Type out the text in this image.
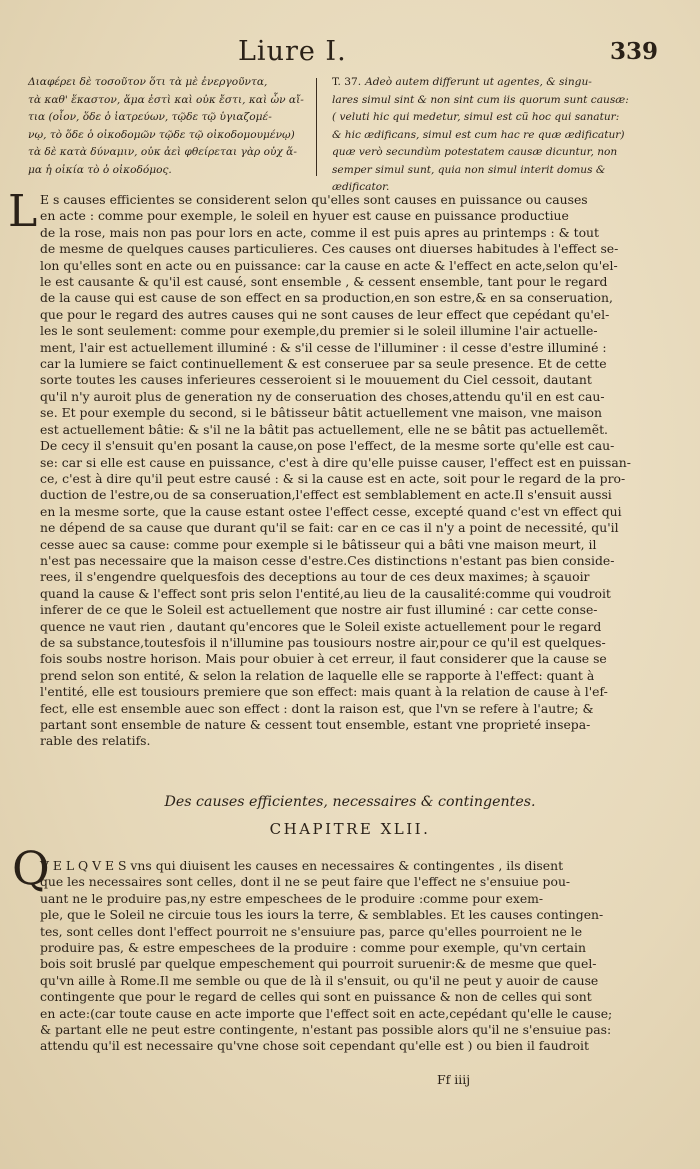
Liure I.	339
Διαφέρει δὲ τοσοῦτον ὅτι τὰ μὲ ἐνεργοῦντα,
τὰ καθ' ἕκαστον, ἅμα ἐστὶ καὶ οὐκ ἔστι, καὶ ὧν αἴ-
τια (οἷον, ὅδε ὁ ἰατρεύων, τῷδε τῷ ὑγιαζομέ-
νῳ, τὸ ὅδε ὁ οἰκοδομῶν τῷδε τῷ οἰκοδομουμένῳ)
τὰ δὲ κατὰ δύναμιν, οὐκ ἀεὶ φθείρεται γὰρ οὐχ ἅ-
μα ἡ οἰκία τὸ ὁ οἰκοδόμος.
T. 37. Adeò autem differunt ut agentes, & singu-
lares simul sint & non sint cum iis quorum sunt causæ:
( veluti hic qui medetur, simul est cũ hoc qui sanatur:
& hic ædificans, simul est cum hac re quæ ædificatur)
quæ verò secundùm potestatem causæ dicuntur, non
semper simul sunt, quia non simul interit domus &
ædificator.
L E s causes efficientes se considerent selon qu'elles sont causes en puissance ou causes
en acte : comme pour exemple, le soleil en hyuer est cause en puissance productiue
de la rose, mais non pas pour lors en acte, comme il est puis apres au printemps : & tout
de mesme de quelques causes particulieres. Ces causes ont diuerses habitudes à l'effect se-
lon qu'elles sont en acte ou en puissance: car la cause en acte & l'effect en acte,selon qu'el-
le est causante & qu'il est causé, sont ensemble , & cessent ensemble, tant pour le regard
de la cause qui est cause de son effect en sa production,en son estre,& en sa conseruation,
que pour le regard des autres causes qui ne sont causes de leur effect que cepédant qu'el-
les le sont seulement: comme pour exemple,du premier si le soleil illumine l'air actuelle-
ment, l'air est actuellement illuminé : & s'il cesse de l'illuminer : il cesse d'estre illuminé :
car la lumiere se faict continuellement & est conseruee par sa seule presence. Et de cette
sorte toutes les causes inferieures cesseroient si le mouuement du Ciel cessoit, dautant
qu'il n'y auroit plus de generation ny de conseruation des choses,attendu qu'il en est cau-
se. Et pour exemple du second, si le bâtisseur bâtit actuellement vne maison, vne maison
est actuellement bâtie: & s'il ne la bâtit pas actuellement, elle ne se bâtit pas actuellemẽt.
De cecy il s'ensuit qu'en posant la cause,on pose l'effect, de la mesme sorte qu'elle est cau-
se: car si elle est cause en puissance, c'est à dire qu'elle puisse causer, l'effect est en puissan-
ce, c'est à dire qu'il peut estre causé : & si la cause est en acte, soit pour le regard de la pro-
duction de l'estre,ou de sa conseruation,l'effect est semblablement en acte.Il s'ensuit aussi
en la mesme sorte, que la cause estant ostee l'effect cesse, excepté quand c'est vn effect qui
ne dépend de sa cause que durant qu'il se fait: car en ce cas il n'y a point de necessité, qu'il
cesse auec sa cause: comme pour exemple si le bâtisseur qui a bâti vne maison meurt, il
n'est pas necessaire que la maison cesse d'estre.Ces distinctions n'estant pas bien conside-
rees, il s'engendre quelquesfois des deceptions au tour de ces deux maximes; à sçauoir
quand la cause & l'effect sont pris selon l'entité,au lieu de la causalité:comme qui voudroit
inferer de ce que le Soleil est actuellement que nostre air fust illuminé : car cette conse-
quence ne vaut rien , dautant qu'encores que le Soleil existe actuellement pour le regard
de sa substance,toutesfois il n'illumine pas tousiours nostre air,pour ce qu'il est quelques-
fois soubs nostre horison. Mais pour obuier à cet erreur, il faut considerer que la cause se
prend selon son entité, & selon la relation de laquelle elle se rapporte à l'effect: quant à
l'entité, elle est tousiours premiere que son effect: mais quant à la relation de cause à l'ef-
fect, elle est ensemble auec son effect : dont la raison est, que l'vn se refere à l'autre; &
partant sont ensemble de nature & cessent tout ensemble, estant vne proprieté insepa-
rable des relatifs.
Des causes efficientes, necessaires & contingentes.
CHAPITRE XLII.
Q
V E L Q V E S vns qui diuisent les causes en necessaires & contingentes , ils disent
que les necessaires sont celles, dont il ne se peut faire que l'effect ne s'ensuiue pou-
uant ne le produire pas,ny estre empeschees de le produire :comme pour exem-
ple, que le Soleil ne circuie tous les iours la terre, & semblables. Et les causes contingen-
tes, sont celles dont l'effect pourroit ne s'ensuiure pas, parce qu'elles pourroient ne le
produire pas, & estre empeschees de la produire : comme pour exemple, qu'vn certain
bois soit bruslé par quelque empeschement qui pourroit suruenir:& de mesme que quel-
qu'vn aille à Rome.Il me semble ou que de là il s'ensuit, ou qu'il ne peut y auoir de cause
contingente que pour le regard de celles qui sont en puissance & non de celles qui sont
en acte:(car toute cause en acte importe que l'effect soit en acte,cepédant qu'elle le cause;
& partant elle ne peut estre contingente, n'estant pas possible alors qu'il ne s'ensuiue pas:
attendu qu'il est necessaire qu'vne chose soit cependant qu'elle est ) ou bien il faudroit
Ff iiij
